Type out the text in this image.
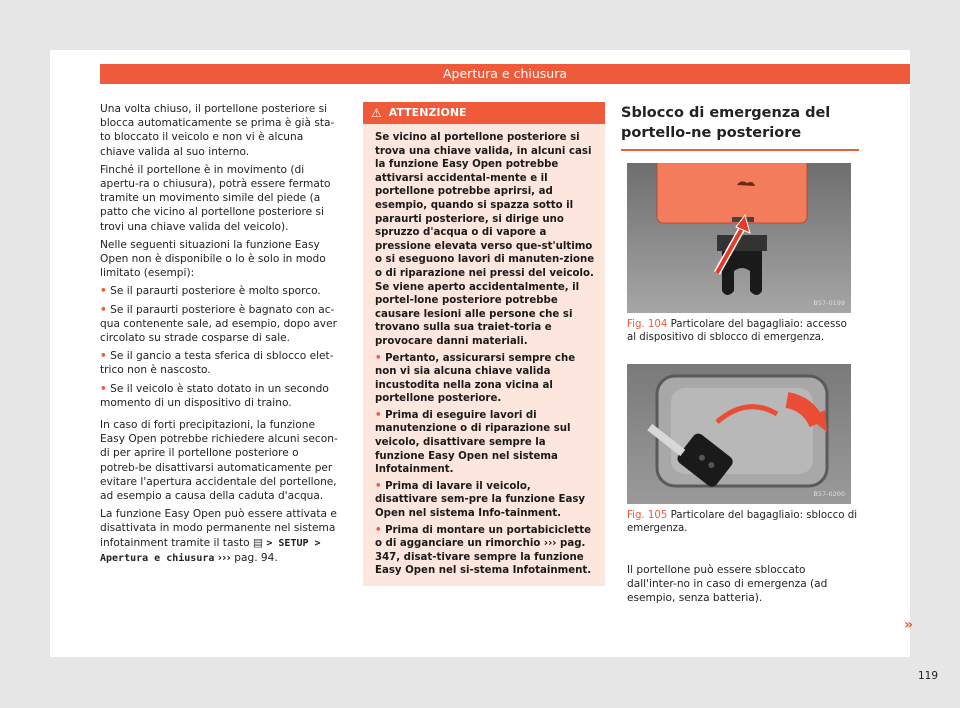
Apertura e chiusura

Una volta chiuso, il portellone posteriore si blocca automaticamente se prima è già sta-to bloccato il veicolo e non vi è alcuna chiave valida al suo interno.

Finché il portellone è in movimento (di apertu-ra o chiusura), potrà essere fermato tramite un movimento simile del piede (a patto che vicino al portellone posteriore si trovi una chiave valida del veicolo).

Nelle seguenti situazioni la funzione Easy Open non è disponibile o lo è solo in modo limitato (esempi):

• Se il paraurti posteriore è molto sporco.
• Se il paraurti posteriore è bagnato con ac-qua contenente sale, ad esempio, dopo aver circolato su strade cosparse di sale.
• Se il gancio a testa sferica di sblocco elet-trico non è nascosto.
• Se il veicolo è stato dotato in un secondo momento di un dispositivo di traino.

In caso di forti precipitazioni, la funzione Easy Open potrebbe richiedere alcuni secon-di per aprire il portellone posteriore o potreb-be disattivarsi automaticamente per evitare l'apertura accidentale del portellone, ad esempio a causa della caduta d'acqua.

La funzione Easy Open può essere attivata e disattivata in modo permanente nel sistema infotainment tramite il tasto ▤ > SETUP > Apertura e chiusura ››› pag. 94.

⚠ ATTENZIONE

Se vicino al portellone posteriore si trova una chiave valida, in alcuni casi la funzione Easy Open potrebbe attivarsi accidental-mente e il portellone potrebbe aprirsi, ad esempio, quando si spazza sotto il paraurti posteriore, si dirige uno spruzzo d'acqua o di vapore a pressione elevata verso que-st'ultimo o si eseguono lavori di manuten-zione o di riparazione nei pressi del veicolo. Se viene aperto accidentalmente, il portel-lone posteriore potrebbe causare lesioni alle persone che si trovano sulla sua traiet-toria e provocare danni materiali.

• Pertanto, assicurarsi sempre che non vi sia alcuna chiave valida incustodita nella zona vicina al portellone posteriore.

• Prima di eseguire lavori di manutenzione o di riparazione sul veicolo, disattivare sempre la funzione Easy Open nel sistema Infotainment.

• Prima di lavare il veicolo, disattivare sem-pre la funzione Easy Open nel sistema Info-tainment.

• Prima di montare un portabiciclette o di agganciare un rimorchio ››› pag. 347, disat-tivare sempre la funzione Easy Open nel si-stema Infotainment.

Sblocco di emergenza del portello-ne posteriore
B57-0199
Fig. 104 Particolare del bagagliaio: accesso al dispositivo di sblocco di emergenza.
B57-0200
Fig. 105 Particolare del bagagliaio: sblocco di emergenza.

Il portellone può essere sbloccato dall'inter-no in caso di emergenza (ad esempio, senza batteria).

»
119
